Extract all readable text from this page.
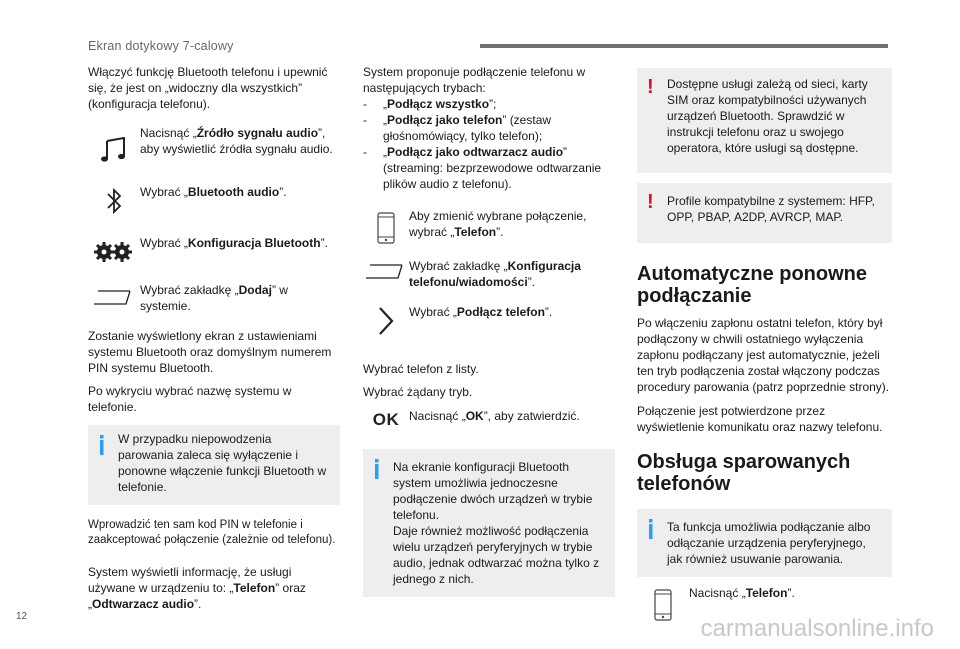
Ekran dotykowy 7-calowy

Włączyć funkcję Bluetooth telefonu i upewnić się, że jest on „widoczny dla wszystkich” (konfiguracja telefonu).

Nacisnąć „Źródło sygnału audio”, aby wyświetlić źródła sygnału audio.
Wybrać „Bluetooth audio”.
Wybrać „Konfiguracja Bluetooth”.
Wybrać zakładkę „Dodaj” w systemie.

Zostanie wyświetlony ekran z ustawieniami systemu Bluetooth oraz domyślnym numerem PIN systemu Bluetooth.

Po wykryciu wybrać nazwę systemu w telefonie.

W przypadku niepowodzenia parowania zaleca się wyłączenie i ponowne włączenie funkcji Bluetooth w telefonie.

Wprowadzić ten sam kod PIN w telefonie i zaakceptować połączenie (zależnie od telefonu).

System wyświetli informację, że usługi używane w urządzeniu to: „Telefon” oraz „Odtwarzacz audio”.

System proponuje podłączenie telefonu w następujących trybach:

- „Podłącz wszystko”;
- „Podłącz jako telefon” (zestaw głośnomówiący, tylko telefon);
- „Podłącz jako odtwarzacz audio” (streaming: bezprzewodowe odtwarzanie plików audio z telefonu).
Aby zmienić wybrane połączenie, wybrać „Telefon”.
Wybrać zakładkę „Konfiguracja telefonu/wiadomości”.
Wybrać „Podłącz telefon”.

Wybrać telefon z listy.

Wybrać żądany tryb.

OK Nacisnąć „OK”, aby zatwierdzić.

Na ekranie konfiguracji Bluetooth system umożliwia jednoczesne podłączenie dwóch urządzeń w trybie telefonu.

Daje również możliwość podłączenia wielu urządzeń peryferyjnych w trybie audio, jednak odtwarzać można tylko z jednego z nich.

!	Dostępne usługi zależą od sieci, karty SIM oraz kompatybilności używanych urządzeń Bluetooth. Sprawdzić w instrukcji telefonu oraz u swojego operatora, które usługi są dostępne.

!	Profile kompatybilne z systemem: HFP, OPP, PBAP, A2DP, AVRCP, MAP.

Automatyczne ponowne podłączanie

Po włączeniu zapłonu ostatni telefon, który był podłączony w chwili ostatniego wyłączenia zapłonu podłączany jest automatycznie, jeżeli ten tryb podłączenia został włączony podczas procedury parowania (patrz poprzednie strony).

Połączenie jest potwierdzone przez wyświetlenie komunikatu oraz nazwy telefonu.

Obsługa sparowanych telefonów

Ta funkcja umożliwia podłączanie albo odłączanie urządzenia peryferyjnego, jak również usuwanie parowania.

Nacisnąć „Telefon”.
12	carmanualsonline.info
